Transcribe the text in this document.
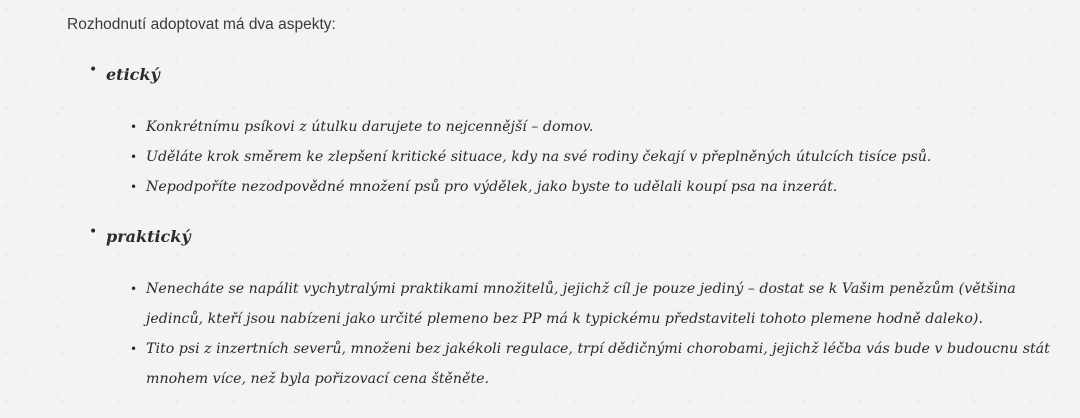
Rozhodnutí adoptovat má dva aspekty:

• etický
• Konkrétnímu psíkovi z útulku darujete to nejcennější – domov.
• Uděláte krok směrem ke zlepšení kritické situace, kdy na své rodiny čekají v přeplněných útulcích tisíce psů.
• Nepodpoříte nezodpovědné množení psů pro výdělek, jako byste to udělali koupí psa na inzerát.
• praktický
• Nenecháte se napálit vychytralými praktikami množitelů, jejichž cíl je pouze jediný – dostat se k Vašim penězům (většina jedinců, kteří jsou nabízeni jako určité plemeno bez PP má k typickému představiteli tohoto plemene hodně daleko).
• Tito psi z inzertních severů, množeni bez jakékoli regulace, trpí dědičnými chorobami, jejichž léčba vás bude v budoucnu stát mnohem více, než byla pořizovací cena štěněte.
